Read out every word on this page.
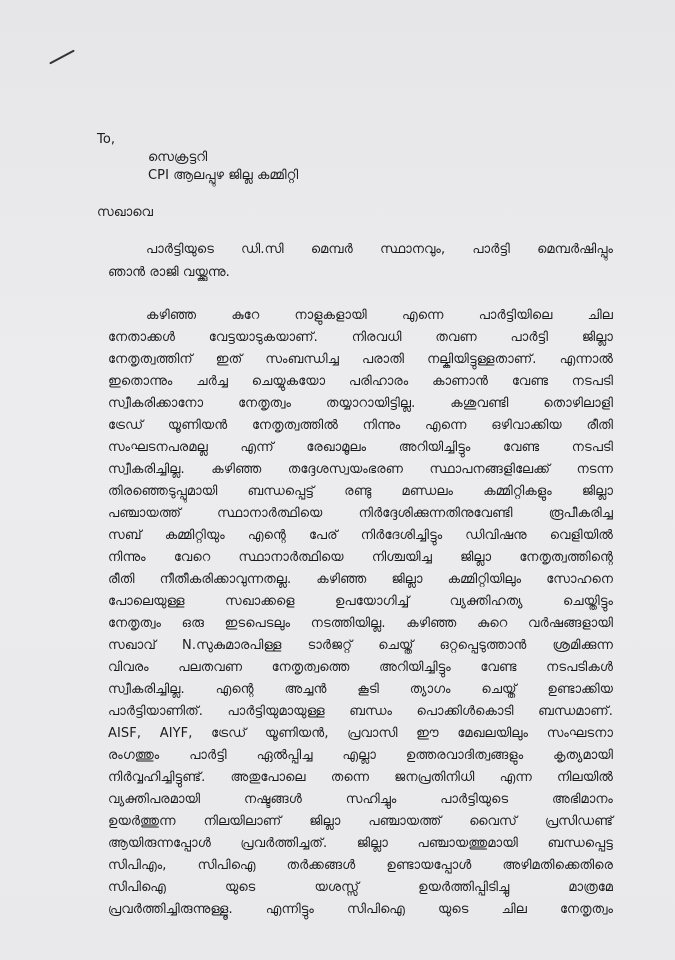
To,
സെക്രട്ടറി
CPI ആലപ്പുഴ ജില്ല കമ്മിറ്റി
സഖാവെ
പാർട്ടിയുടെ ഡി.സി മെമ്പർ സ്ഥാനവും, പാർട്ടി മെമ്പർഷിപ്പും
ഞാൻ രാജി വയ്ക്കുന്നു.
കഴിഞ്ഞ കുറേ നാളുകളായി എന്നെ പാർട്ടിയിലെ ചില
നേതാക്കൾ വേട്ടയാടുകയാണ്. നിരവധി തവണ പാർട്ടി ജില്ലാ
നേതൃത്വത്തിന് ഇത് സംബന്ധിച്ച പരാതി നല്കിയിട്ടുള്ളതാണ്. എന്നാൽ
ഇതൊന്നും ചർച്ച ചെയ്യുകയോ പരിഹാരം കാണാൻ വേണ്ട നടപടി
സ്വീകരിക്കാനോ നേതൃത്വം തയ്യാറായിട്ടില്ല. കശുവണ്ടി തൊഴിലാളി
ട്രേഡ് യൂണിയൻ നേതൃത്വത്തിൽ നിന്നും എന്നെ ഒഴിവാക്കിയ രീതി
സംഘടനപരമല്ല എന്ന് രേഖാമൂലം അറിയിച്ചിട്ടും വേണ്ട നടപടി
സ്വീകരിച്ചില്ല. കഴിഞ്ഞ തദ്ദേശസ്വയംഭരണ സ്ഥാപനങ്ങളിലേക്ക് നടന്ന
തിരഞ്ഞെടുപ്പുമായി ബന്ധപ്പെട്ട് രണ്ടു മണ്ഡലം കമ്മിറ്റികളും ജില്ലാ
പഞ്ചായത്ത് സ്ഥാനാർത്ഥിയെ നിർദ്ദേശിക്കുന്നതിനുവേണ്ടി രൂപീകരിച്ച
സബ് കമ്മിറ്റിയും എന്റെ പേര് നിർദേശിച്ചിട്ടും ഡിവിഷനു വെളിയിൽ
നിന്നും വേറെ സ്ഥാനാർത്ഥിയെ നിശ്ചയിച്ച ജില്ലാ നേതൃത്വത്തിന്റെ
രീതി നീതീകരിക്കാവുന്നതല്ല. കഴിഞ്ഞ ജില്ലാ കമ്മിറ്റിയിലും സോഹനെ
പോലെയുള്ള സഖാക്കളെ ഉപയോഗിച്ച് വ്യക്തിഹത്യ ചെയ്തിട്ടും
നേതൃത്വം ഒരു ഇടപെടലും നടത്തിയില്ല. കഴിഞ്ഞ കുറെ വർഷങ്ങളായി
സഖാവ് N.സുകുമാരപിള്ള ടാർജറ്റ് ചെയ്ത് ഒറ്റപ്പെടുത്താൻ ശ്രമിക്കുന്ന
വിവരം പലതവണ നേതൃത്വത്തെ അറിയിച്ചിട്ടും വേണ്ട നടപടികൾ
സ്വീകരിച്ചില്ല. എന്റെ അച്ചൻ കൂടി ത്യാഗം ചെയ്ത് ഉണ്ടാക്കിയ
പാർട്ടിയാണിത്. പാർട്ടിയുമായുള്ള ബന്ധം പൊക്കിൾകൊടി ബന്ധമാണ്.
AISF, AIYF, ട്രേഡ് യൂണിയൻ, പ്രവാസി ഈ മേഖലയിലും സംഘടനാ
രംഗത്തും പാർട്ടി ഏൽപ്പിച്ച എല്ലാ ഉത്തരവാദിത്വങ്ങളും കൃത്യമായി
നിർവ്വഹിച്ചിട്ടുണ്ട്. അതുപോലെ തന്നെ ജനപ്രതിനിധി എന്ന നിലയിൽ
വ്യക്തിപരമായി നഷ്ടങ്ങൾ സഹിച്ചും പാർട്ടിയുടെ അഭിമാനം
ഉയർത്തുന്ന നിലയിലാണ് ജില്ലാ പഞ്ചായത്ത് വൈസ് പ്രസിഡണ്ട്
ആയിരുന്നപ്പോൾ പ്രവർത്തിച്ചത്. ജില്ലാ പഞ്ചായത്തുമായി ബന്ധപ്പെട്ട
സിപിഎം, സിപിഐ തർക്കങ്ങൾ ഉണ്ടായപ്പോൾ അഴിമതിക്കെതിരെ
സിപിഐ യുടെ യശസ്സ് ഉയർത്തിപ്പിടിച്ചു മാത്രമേ
പ്രവർത്തിച്ചിരുന്നുള്ളൂ. എന്നിട്ടും സിപിഐ യുടെ ചില നേതൃത്വം
